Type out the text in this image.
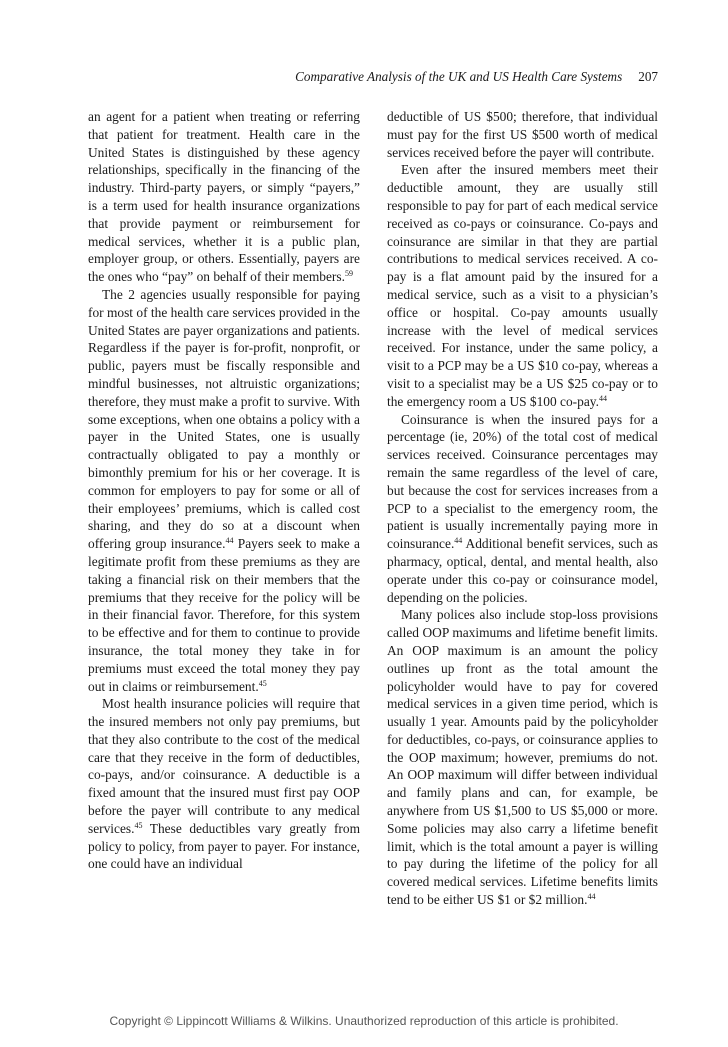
Comparative Analysis of the UK and US Health Care Systems 207

an agent for a patient when treating or referring that patient for treatment. Health care in the United States is distinguished by these agency relationships, specifically in the financing of the industry. Third-party payers, or simply “payers,” is a term used for health insurance organizations that provide payment or reimbursement for medical services, whether it is a public plan, employer group, or others. Essentially, payers are the ones who “pay” on behalf of their members.$^{59}$

The 2 agencies usually responsible for paying for most of the health care services provided in the United States are payer organizations and patients. Regardless if the payer is for-profit, nonprofit, or public, payers must be fiscally responsible and mindful businesses, not altruistic organizations; therefore, they must make a profit to survive. With some exceptions, when one obtains a policy with a payer in the United States, one is usually contractually obligated to pay a monthly or bimonthly premium for his or her coverage. It is common for employers to pay for some or all of their employees’ premiums, which is called cost sharing, and they do so at a discount when offering group insurance.$^{44}$ Payers seek to make a legitimate profit from these premiums as they are taking a financial risk on their members that the premiums that they receive for the policy will be in their financial favor. Therefore, for this system to be effective and for them to continue to provide insurance, the total money they take in for premiums must exceed the total money they pay out in claims or reimbursement.$^{45}$

Most health insurance policies will require that the insured members not only pay premiums, but that they also contribute to the cost of the medical care that they receive in the form of deductibles, co-pays, and/or coinsurance. A deductible is a fixed amount that the insured must first pay OOP before the payer will contribute to any medical services.$^{45}$ These deductibles vary greatly from policy to policy, from payer to payer. For instance, one could have an individual

deductible of US $500; therefore, that individual must pay for the first US $500 worth of medical services received before the payer will contribute.

Even after the insured members meet their deductible amount, they are usually still responsible to pay for part of each medical service received as co-pays or coinsurance. Co-pays and coinsurance are similar in that they are partial contributions to medical services received. A co-pay is a flat amount paid by the insured for a medical service, such as a visit to a physician’s office or hospital. Co-pay amounts usually increase with the level of medical services received. For instance, under the same policy, a visit to a PCP may be a US $10 co-pay, whereas a visit to a specialist may be a US $25 co-pay or to the emergency room a US $100 co-pay.$^{44}$

Coinsurance is when the insured pays for a percentage (ie, 20%) of the total cost of medical services received. Coinsurance percentages may remain the same regardless of the level of care, but because the cost for services increases from a PCP to a specialist to the emergency room, the patient is usually incrementally paying more in coinsurance.$^{44}$ Additional benefit services, such as pharmacy, optical, dental, and mental health, also operate under this co-pay or coinsurance model, depending on the policies.

Many polices also include stop-loss provisions called OOP maximums and lifetime benefit limits. An OOP maximum is an amount the policy outlines up front as the total amount the policyholder would have to pay for covered medical services in a given time period, which is usually 1 year. Amounts paid by the policyholder for deductibles, co-pays, or coinsurance applies to the OOP maximum; however, premiums do not. An OOP maximum will differ between individual and family plans and can, for example, be anywhere from US $1,500 to US $5,000 or more. Some policies may also carry a lifetime benefit limit, which is the total amount a payer is willing to pay during the lifetime of the policy for all covered medical services. Lifetime benefits limits tend to be either US $1 or $2 million.$^{44}$

Copyright © Lippincott Williams & Wilkins. Unauthorized reproduction of this article is prohibited.
